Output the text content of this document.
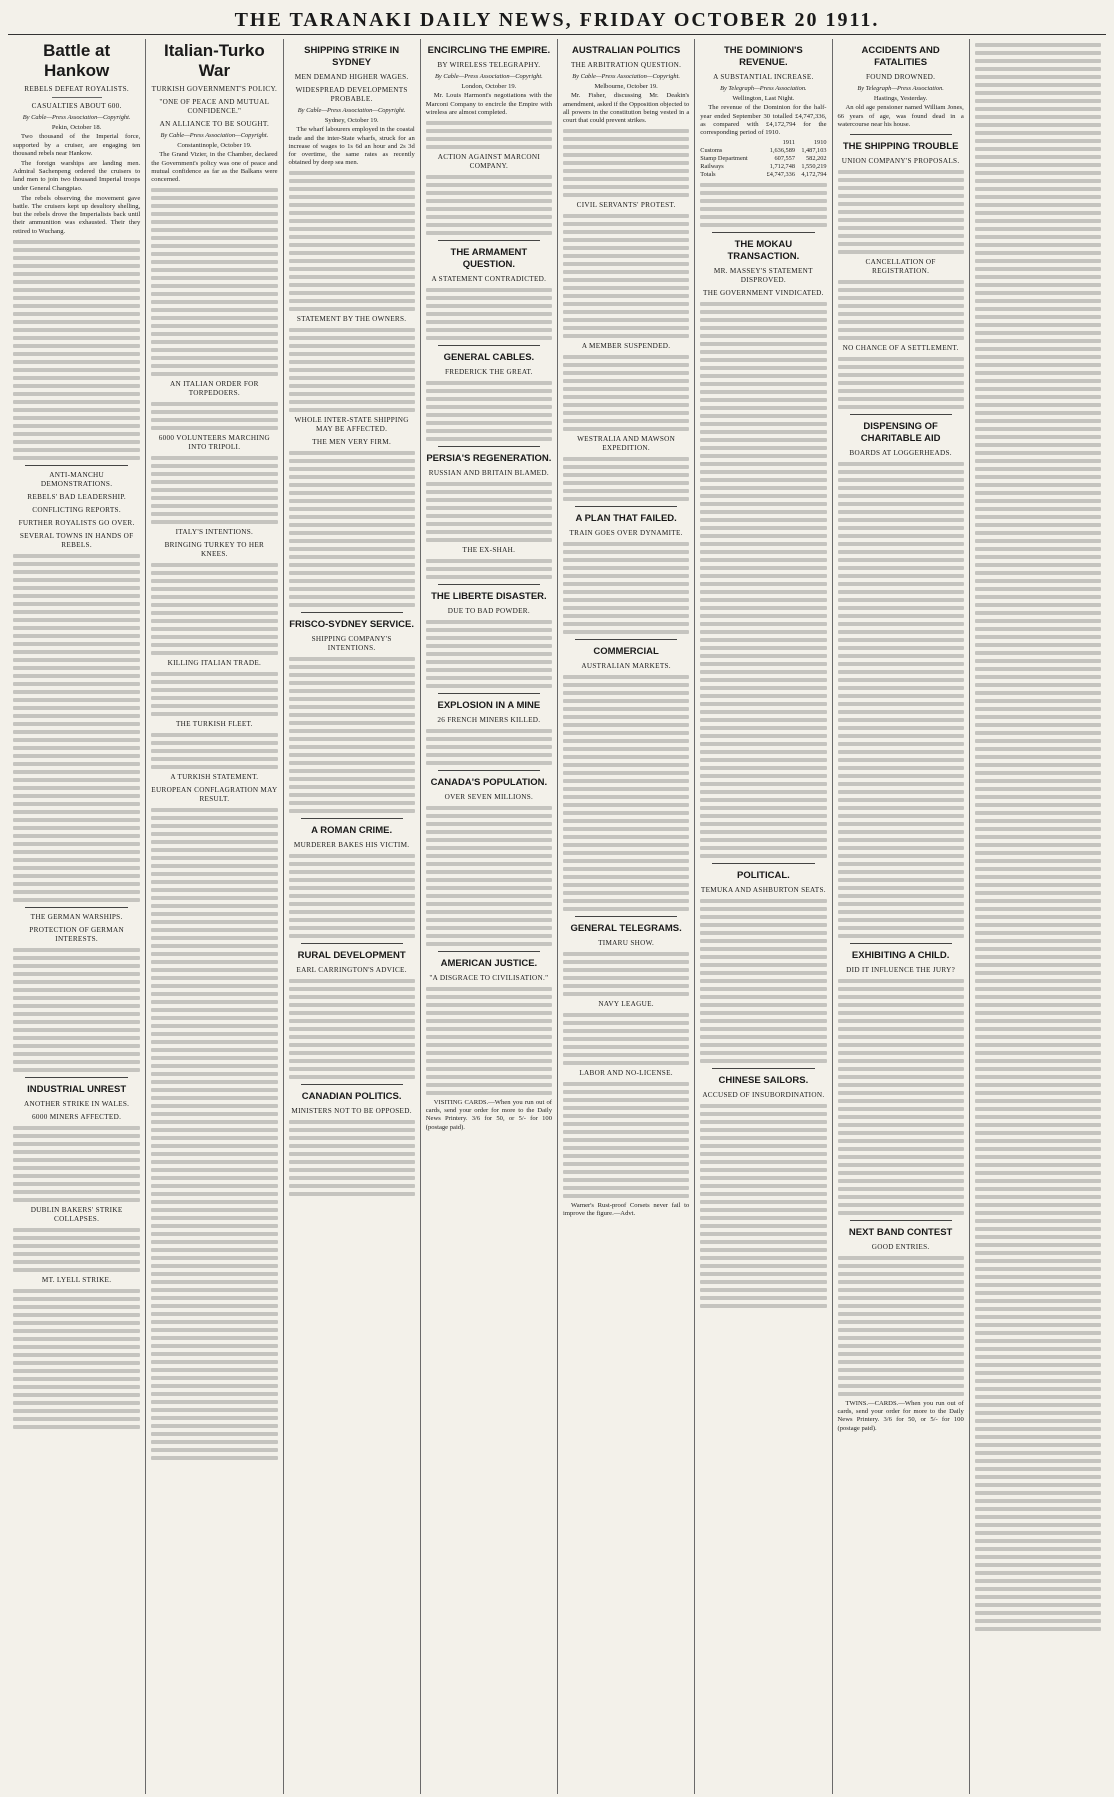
THE TARANAKI DAILY NEWS, FRIDAY OCTOBER 20 1911.
Battle at Hankow
REBELS DEFEAT ROYALISTS.
CASUALTIES ABOUT 600.
By Cable—Press Association—Copyright.
Pekin, October 18.

Two thousand of the Imperial force, supported by a cruiser, are engaging ten thousand rebels near Hankow.

The foreign warships are landing men. Admiral Sachenpeng ordered the cruisers to land men to join two thousand Imperial troops under General Changpiao.

The rebels observing the movement gave battle. The cruisers kept up desultory shelling, but the rebels drove the Imperialists back until their ammunition was exhausted. Their they retired to Wuchang.

ANTI-MANCHU DEMONSTRATIONS.
REBELS' BAD LEADERSHIP.
CONFLICTING REPORTS.
FURTHER ROYALISTS GO OVER.
SEVERAL TOWNS IN HANDS OF REBELS.
THE GERMAN WARSHIPS.
PROTECTION OF GERMAN INTERESTS.
INDUSTRIAL UNREST
ANOTHER STRIKE IN WALES.
6000 MINERS AFFECTED.
DUBLIN BAKERS' STRIKE COLLAPSES.
MT. LYELL STRIKE.
Italian-Turko War
TURKISH GOVERNMENT'S POLICY.
"ONE OF PEACE AND MUTUAL CONFIDENCE."
AN ALLIANCE TO BE SOUGHT.
By Cable—Press Association—Copyright.
Constantinople, October 19.

The Grand Vizier, in the Chamber, declared the Government's policy was one of peace and mutual confidence as far as the Balkans were concerned.

AN ITALIAN ORDER FOR TORPEDOERS.
6000 VOLUNTEERS MARCHING INTO TRIPOLI.
ITALY'S INTENTIONS.
BRINGING TURKEY TO HER KNEES.
KILLING ITALIAN TRADE.
THE TURKISH FLEET.
A TURKISH STATEMENT.
EUROPEAN CONFLAGRATION MAY RESULT.
SHIPPING STRIKE IN SYDNEY
MEN DEMAND HIGHER WAGES.
WIDESPREAD DEVELOPMENTS PROBABLE.
By Cable—Press Association—Copyright.
Sydney, October 19.

The wharf labourers employed in the coastal trade and the inter-State wharfs, struck for an increase of wages to 1s 6d an hour and 2s 3d for overtime, the same rates as recently obtained by deep sea men.

STATEMENT BY THE OWNERS.
WHOLE INTER-STATE SHIPPING MAY BE AFFECTED.
THE MEN VERY FIRM.
FRISCO-SYDNEY SERVICE.
SHIPPING COMPANY'S INTENTIONS.
A ROMAN CRIME.
MURDERER BAKES HIS VICTIM.
RURAL DEVELOPMENT
EARL CARRINGTON'S ADVICE.
CANADIAN POLITICS.
MINISTERS NOT TO BE OPPOSED.
ENCIRCLING THE EMPIRE.
BY WIRELESS TELEGRAPHY.
By Cable—Press Association—Copyright.
London, October 19.

Mr. Louis Harmont's negotiations with the Marconi Company to encircle the Empire with wireless are almost completed.

ACTION AGAINST MARCONI COMPANY.
THE ARMAMENT QUESTION.
A STATEMENT CONTRADICTED.
GENERAL CABLES.
FREDERICK THE GREAT.
PERSIA'S REGENERATION.
RUSSIAN AND BRITAIN BLAMED.
THE EX-SHAH.
THE LIBERTE DISASTER.
DUE TO BAD POWDER.
EXPLOSION IN A MINE
26 FRENCH MINERS KILLED.
CANADA'S POPULATION.
OVER SEVEN MILLIONS.
AMERICAN JUSTICE.
"A DISGRACE TO CIVILISATION."

VISITING CARDS.—When you run out of cards, send your order for more to the Daily News Printery. 3/6 for 50, or 5/- for 100 (postage paid).

AUSTRALIAN POLITICS
THE ARBITRATION QUESTION.
By Cable—Press Association—Copyright.
Melbourne, October 19.

Mr. Fisher, discussing Mr. Deakin's amendment, asked if the Opposition objected to all powers in the constitution being vested in a court that could prevent strikes.

CIVIL SERVANTS' PROTEST.
A MEMBER SUSPENDED.
WESTRALIA AND MAWSON EXPEDITION.
A PLAN THAT FAILED.
TRAIN GOES OVER DYNAMITE.
COMMERCIAL
AUSTRALIAN MARKETS.
GENERAL TELEGRAMS.
TIMARU SHOW.
NAVY LEAGUE.
LABOR AND NO-LICENSE.

Warner's Rust-proof Corsets never fail to improve the figure.—Advt.

THE DOMINION'S REVENUE.
A SUBSTANTIAL INCREASE.
By Telegraph—Press Association.
Wellington, Last Night.

The revenue of the Dominion for the half-year ended September 30 totalled £4,747,336, as compared with £4,172,794 for the corresponding period of 1910.

	1911	1910
Customs	1,636,589	1,487,103
Stamp Department	607,557	582,202
Railways	1,712,748	1,550,219
Totals	£4,747,336	4,172,794
THE MOKAU TRANSACTION.
MR. MASSEY'S STATEMENT DISPROVED.
THE GOVERNMENT VINDICATED.
POLITICAL.
TEMUKA AND ASHBURTON SEATS.
CHINESE SAILORS.
ACCUSED OF INSUBORDINATION.
ACCIDENTS AND FATALITIES
FOUND DROWNED.
By Telegraph—Press Association.
Hastings, Yesterday.

An old age pensioner named William Jones, 66 years of age, was found dead in a watercourse near his house.

THE SHIPPING TROUBLE
UNION COMPANY'S PROPOSALS.
CANCELLATION OF REGISTRATION.
NO CHANCE OF A SETTLEMENT.
DISPENSING OF CHARITABLE AID
BOARDS AT LOGGERHEADS.
EXHIBITING A CHILD.
DID IT INFLUENCE THE JURY?
NEXT BAND CONTEST
GOOD ENTRIES.

TWINS.—CARDS.—When you run out of cards, send your order for more to the Daily News Printery. 3/6 for 50, or 5/- for 100 (postage paid).
